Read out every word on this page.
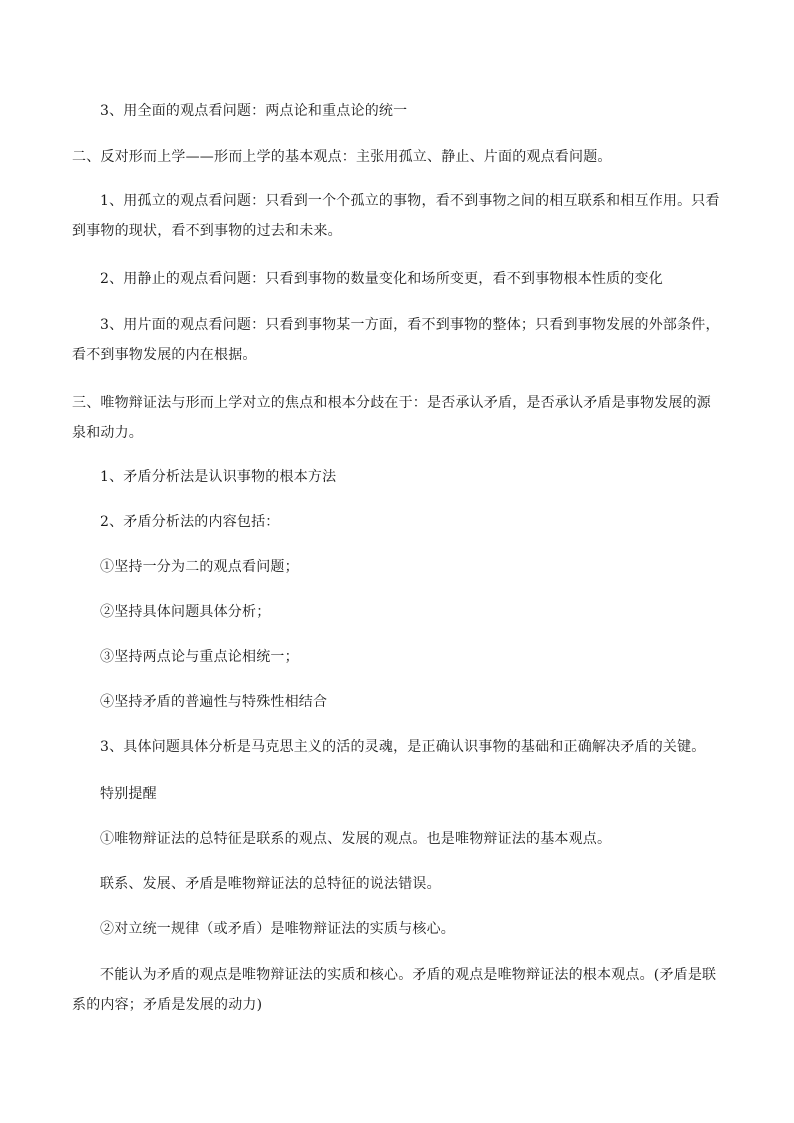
3、用全面的观点看问题：两点论和重点论的统一

二、反对形而上学——形而上学的基本观点：主张用孤立、静止、片面的观点看问题。

1、用孤立的观点看问题：只看到一个个孤立的事物，看不到事物之间的相互联系和相互作用。只看到事物的现状，看不到事物的过去和未来。

2、用静止的观点看问题：只看到事物的数量变化和场所变更，看不到事物根本性质的变化

3、用片面的观点看问题：只看到事物某一方面，看不到事物的整体；只看到事物发展的外部条件，看不到事物发展的内在根据。

三、唯物辩证法与形而上学对立的焦点和根本分歧在于：是否承认矛盾，是否承认矛盾是事物发展的源泉和动力。

1、矛盾分析法是认识事物的根本方法

2、矛盾分析法的内容包括：

①坚持一分为二的观点看问题；

②坚持具体问题具体分析；

③坚持两点论与重点论相统一；

④坚持矛盾的普遍性与特殊性相结合

3、具体问题具体分析是马克思主义的活的灵魂，是正确认识事物的基础和正确解决矛盾的关键。

特别提醒

①唯物辩证法的总特征是联系的观点、发展的观点。也是唯物辩证法的基本观点。

联系、发展、矛盾是唯物辩证法的总特征的说法错误。

②对立统一规律（或矛盾）是唯物辩证法的实质与核心。

不能认为矛盾的观点是唯物辩证法的实质和核心。矛盾的观点是唯物辩证法的根本观点。(矛盾是联系的内容；矛盾是发展的动力)
